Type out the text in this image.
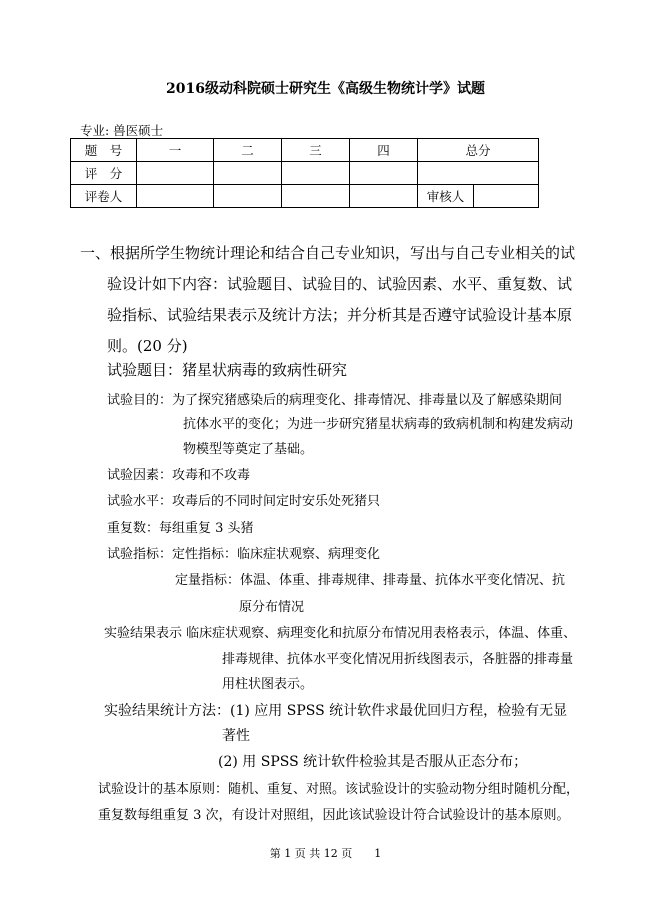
2016级动科院硕士研究生《高级生物统计学》试题
专业: 兽医硕士
题　号	一	二	三	四	总分	
评　分						
评卷人					审核人	
一、根据所学生物统计理论和结合自己专业知识，写出与自己专业相关的试
验设计如下内容：试验题目、试验目的、试验因素、水平、重复数、试
验指标、试验结果表示及统计方法；并分析其是否遵守试验设计基本原
则。(20 分)
试验题目：猪星状病毒的致病性研究
试验目的：为了探究猪感染后的病理变化、排毒情况、排毒量以及了解感染期间
抗体水平的变化；为进一步研究猪星状病毒的致病机制和构建发病动
物模型等奠定了基础。
试验因素：攻毒和不攻毒
试验水平：攻毒后的不同时间定时安乐处死猪只
重复数：每组重复 3 头猪
试验指标：定性指标：临床症状观察、病理变化
定量指标：体温、体重、排毒规律、排毒量、抗体水平变化情况、抗
原分布情况
实验结果表示 临床症状观察、病理变化和抗原分布情况用表格表示，体温、体重、
排毒规律、抗体水平变化情况用折线图表示，各脏器的排毒量
用柱状图表示。
实验结果统计方法：(1) 应用 SPSS 统计软件求最优回归方程，检验有无显
著性
(2) 用 SPSS 统计软件检验其是否服从正态分布；
试验设计的基本原则：随机、重复、对照。该试验设计的实验动物分组时随机分配，
重复数每组重复 3 次，有设计对照组，因此该试验设计符合试验设计的基本原则。
第 1 页 共 12 页　　1
